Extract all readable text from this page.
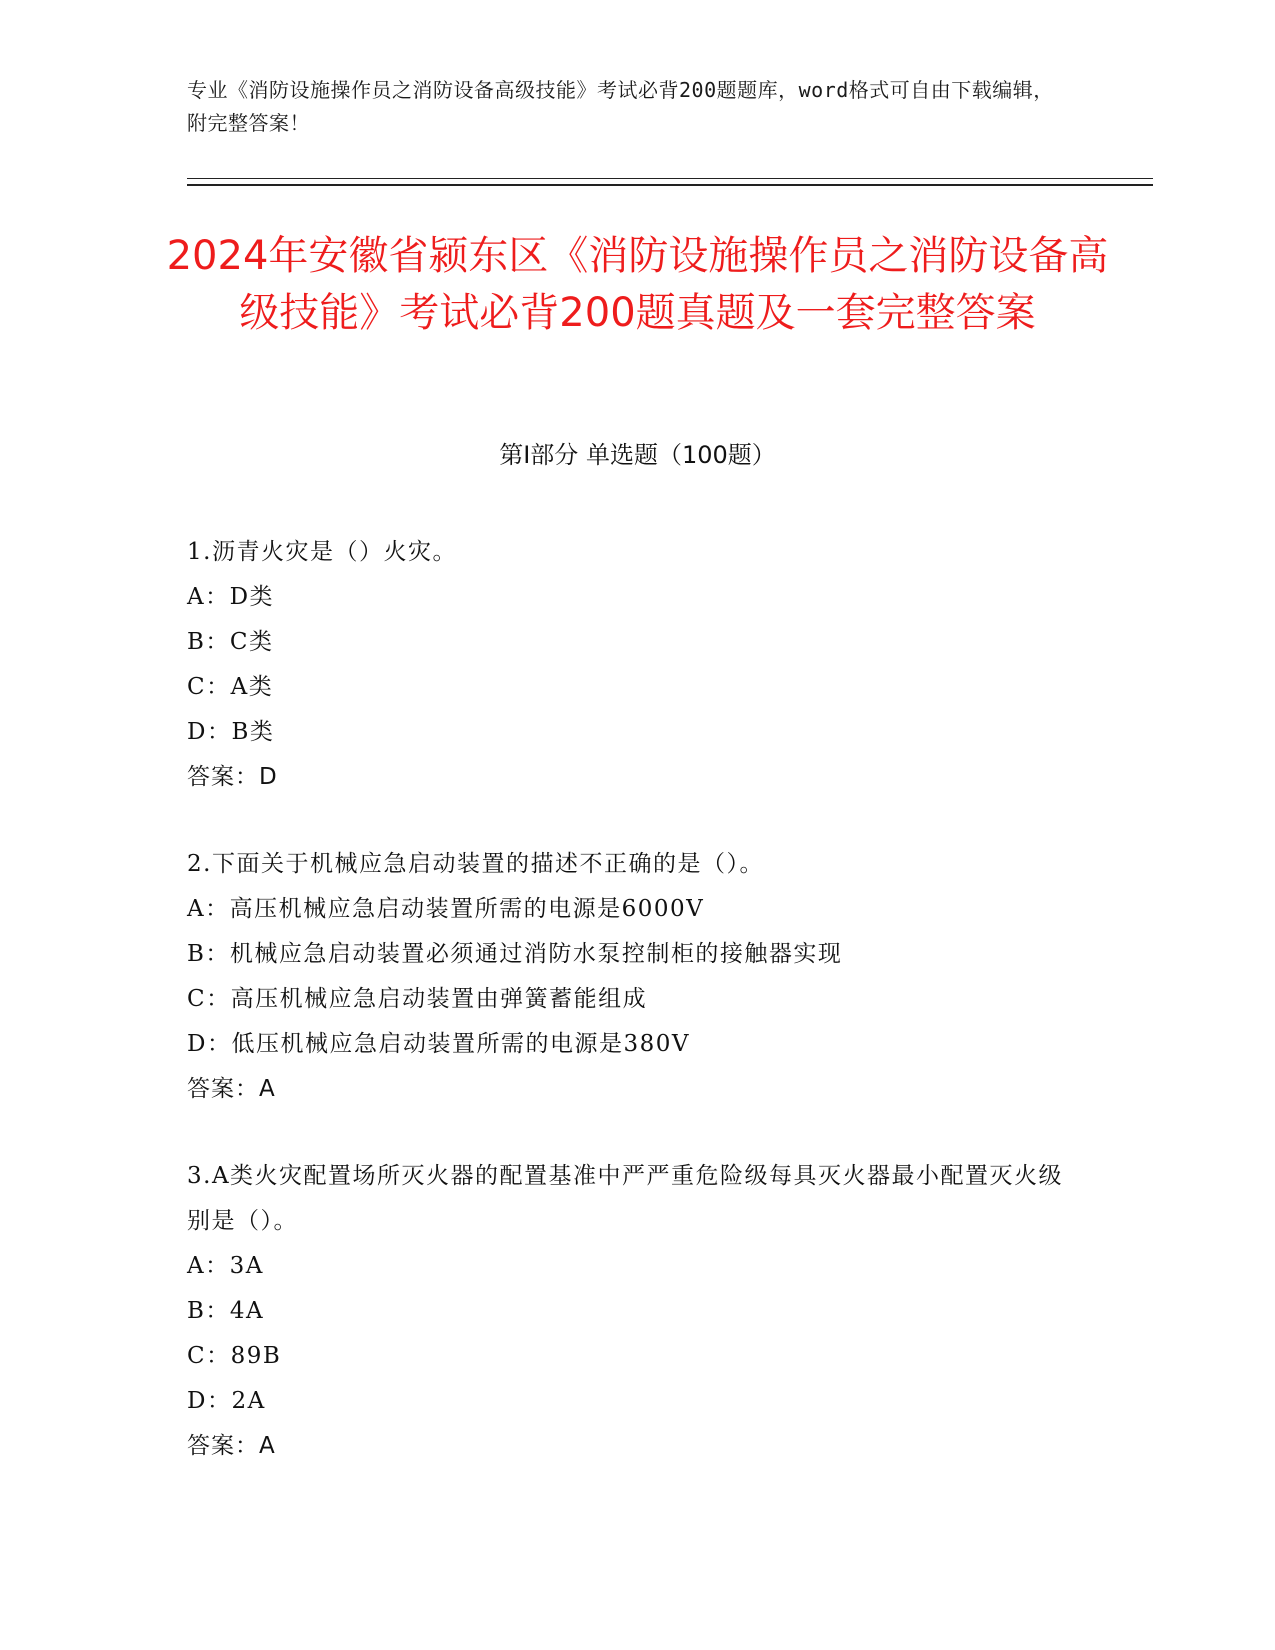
专业《消防设施操作员之消防设备高级技能》考试必背200题题库，word格式可自由下载编辑，附完整答案！
2024年安徽省颍东区《消防设施操作员之消防设备高级技能》考试必背200题真题及一套完整答案
第I部分 单选题（100题）
1.沥青火灾是（）火灾。
A：D类
B：C类
C：A类
D：B类
答案：D
2.下面关于机械应急启动装置的描述不正确的是（）。
A：高压机械应急启动装置所需的电源是6000V
B：机械应急启动装置必须通过消防水泵控制柜的接触器实现
C：高压机械应急启动装置由弹簧蓄能组成
D：低压机械应急启动装置所需的电源是380V
答案：A
3.A类火灾配置场所灭火器的配置基准中严严重危险级每具灭火器最小配置灭火级别是（）。
A：3A
B：4A
C：89B
D：2A
答案：A
